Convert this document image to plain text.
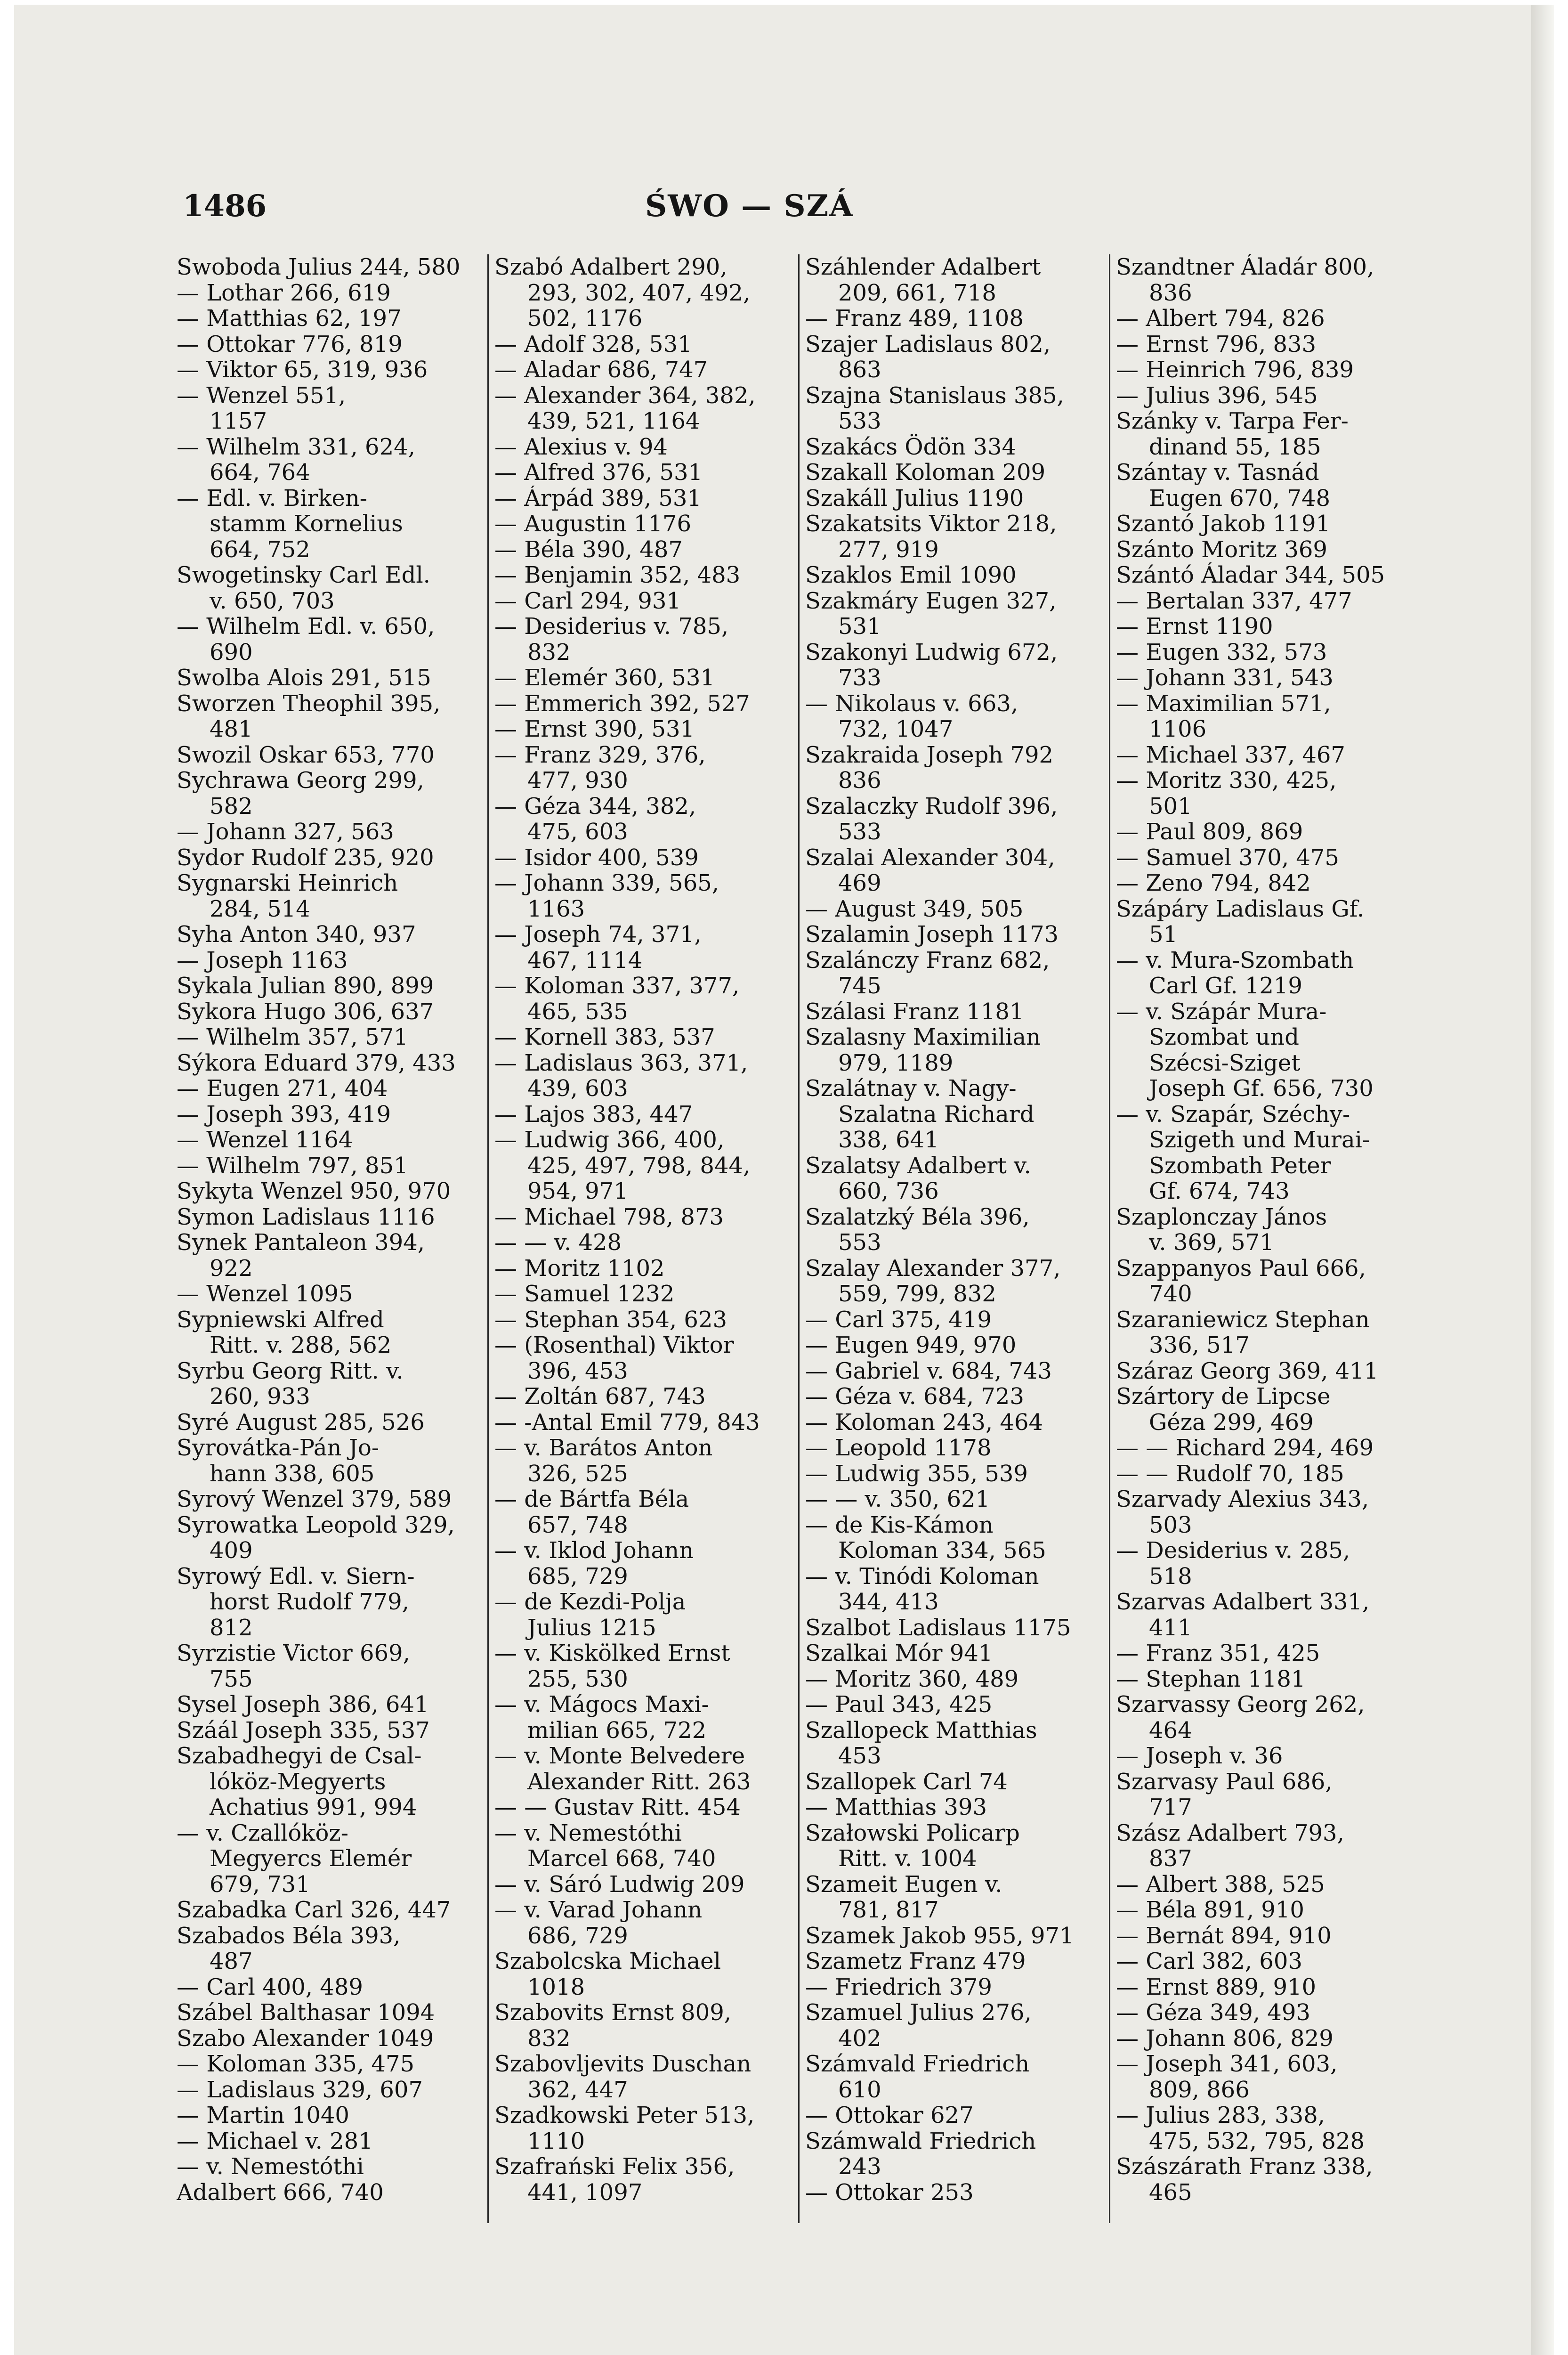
1486	ŚWO — SZÁ
Swoboda Julius 244, 580
— Lothar 266, 619
— Matthias 62, 197
— Ottokar 776, 819
— Viktor 65, 319, 936
— Wenzel 551,
1157
— Wilhelm 331, 624,
664, 764
— Edl. v. Birken-
stamm Kornelius
664, 752
Swogetinsky Carl Edl.
v. 650, 703
— Wilhelm Edl. v. 650,
690
Swolba Alois 291, 515
Sworzen Theophil 395,
481
Swozil Oskar 653, 770
Sychrawa Georg 299,
582
— Johann 327, 563
Sydor Rudolf 235, 920
Sygnarski Heinrich
284, 514
Syha Anton 340, 937
— Joseph 1163
Sykala Julian 890, 899
Sykora Hugo 306, 637
— Wilhelm 357, 571
Sýkora Eduard 379, 433
— Eugen 271, 404
— Joseph 393, 419
— Wenzel 1164
— Wilhelm 797, 851
Sykyta Wenzel 950, 970
Symon Ladislaus 1116
Synek Pantaleon 394,
922
— Wenzel 1095
Sypniewski Alfred
Ritt. v. 288, 562
Syrbu Georg Ritt. v.
260, 933
Syré August 285, 526
Syrovátka-Pán Jo-
hann 338, 605
Syrový Wenzel 379, 589
Syrowatka Leopold 329,
409
Syrowý Edl. v. Siern-
horst Rudolf 779,
812
Syrzistie Victor 669,
755
Sysel Joseph 386, 641
Száál Joseph 335, 537
Szabadhegyi de Csal-
lóköz-Megyerts
Achatius 991, 994
— v. Czallóköz-
Megyercs Elemér
679, 731
Szabadka Carl 326, 447
Szabados Béla 393,
487
— Carl 400, 489
Szábel Balthasar 1094
Szabo Alexander 1049
— Koloman 335, 475
— Ladislaus 329, 607
— Martin 1040
— Michael v. 281
— v. Nemestóthi
Adalbert 666, 740
Szabó Adalbert 290,
293, 302, 407, 492,
502, 1176
— Adolf 328, 531
— Aladar 686, 747
— Alexander 364, 382,
439, 521, 1164
— Alexius v. 94
— Alfred 376, 531
— Árpád 389, 531
— Augustin 1176
— Béla 390, 487
— Benjamin 352, 483
— Carl 294, 931
— Desiderius v. 785,
832
— Elemér 360, 531
— Emmerich 392, 527
— Ernst 390, 531
— Franz 329, 376,
477, 930
— Géza 344, 382,
475, 603
— Isidor 400, 539
— Johann 339, 565,
1163
— Joseph 74, 371,
467, 1114
— Koloman 337, 377,
465, 535
— Kornell 383, 537
— Ladislaus 363, 371,
439, 603
— Lajos 383, 447
— Ludwig 366, 400,
425, 497, 798, 844,
954, 971
— Michael 798, 873
— — v. 428
— Moritz 1102
— Samuel 1232
— Stephan 354, 623
— (Rosenthal) Viktor
396, 453
— Zoltán 687, 743
— -Antal Emil 779, 843
— v. Barátos Anton
326, 525
— de Bártfa Béla
657, 748
— v. Iklod Johann
685, 729
— de Kezdi-Polja
Julius 1215
— v. Kiskölked Ernst
255, 530
— v. Mágocs Maxi-
milian 665, 722
— v. Monte Belvedere
Alexander Ritt. 263
— — Gustav Ritt. 454
— v. Nemestóthi
Marcel 668, 740
— v. Sáró Ludwig 209
— v. Varad Johann
686, 729
Szabolcska Michael
1018
Szabovits Ernst 809,
832
Szabovljevits Duschan
362, 447
Szadkowski Peter 513,
1110
Szafrański Felix 356,
441, 1097
Száhlender Adalbert
209, 661, 718
— Franz 489, 1108
Szajer Ladislaus 802,
863
Szajna Stanislaus 385,
533
Szakács Ödön 334
Szakall Koloman 209
Szakáll Julius 1190
Szakatsits Viktor 218,
277, 919
Szaklos Emil 1090
Szakmáry Eugen 327,
531
Szakonyi Ludwig 672,
733
— Nikolaus v. 663,
732, 1047
Szakraida Joseph 792
836
Szalaczky Rudolf 396,
533
Szalai Alexander 304,
469
— August 349, 505
Szalamin Joseph 1173
Szalánczy Franz 682,
745
Szálasi Franz 1181
Szalasny Maximilian
979, 1189
Szalátnay v. Nagy-
Szalatna Richard
338, 641
Szalatsy Adalbert v.
660, 736
Szalatzký Béla 396,
553
Szalay Alexander 377,
559, 799, 832
— Carl 375, 419
— Eugen 949, 970
— Gabriel v. 684, 743
— Géza v. 684, 723
— Koloman 243, 464
— Leopold 1178
— Ludwig 355, 539
— — v. 350, 621
— de Kis-Kámon
Koloman 334, 565
— v. Tinódi Koloman
344, 413
Szalbot Ladislaus 1175
Szalkai Mór 941
— Moritz 360, 489
— Paul 343, 425
Szallopeck Matthias
453
Szallopek Carl 74
— Matthias 393
Szałowski Policarp
Ritt. v. 1004
Szameit Eugen v.
781, 817
Szamek Jakob 955, 971
Szametz Franz 479
— Friedrich 379
Szamuel Julius 276,
402
Számvald Friedrich
610
— Ottokar 627
Számwald Friedrich
243
— Ottokar 253
Szandtner Áladár 800,
836
— Albert 794, 826
— Ernst 796, 833
— Heinrich 796, 839
— Julius 396, 545
Szánky v. Tarpa Fer-
dinand 55, 185
Szántay v. Tasnád
Eugen 670, 748
Szantó Jakob 1191
Szánto Moritz 369
Szántó Áladar 344, 505
— Bertalan 337, 477
— Ernst 1190
— Eugen 332, 573
— Johann 331, 543
— Maximilian 571,
1106
— Michael 337, 467
— Moritz 330, 425,
501
— Paul 809, 869
— Samuel 370, 475
— Zeno 794, 842
Szápáry Ladislaus Gf.
51
— v. Mura-Szombath
Carl Gf. 1219
— v. Szápár Mura-
Szombat und
Szécsi-Sziget
Joseph Gf. 656, 730
— v. Szapár, Széchy-
Szigeth und Murai-
Szombath Peter
Gf. 674, 743
Szaplonczay János
v. 369, 571
Szappanyos Paul 666,
740
Szaraniewicz Stephan
336, 517
Száraz Georg 369, 411
Szártory de Lipcse
Géza 299, 469
— — Richard 294, 469
— — Rudolf 70, 185
Szarvady Alexius 343,
503
— Desiderius v. 285,
518
Szarvas Adalbert 331,
411
— Franz 351, 425
— Stephan 1181
Szarvassy Georg 262,
464
— Joseph v. 36
Szarvasy Paul 686,
717
Szász Adalbert 793,
837
— Albert 388, 525
— Béla 891, 910
— Bernát 894, 910
— Carl 382, 603
— Ernst 889, 910
— Géza 349, 493
— Johann 806, 829
— Joseph 341, 603,
809, 866
— Julius 283, 338,
475, 532, 795, 828
Szászárath Franz 338,
465
